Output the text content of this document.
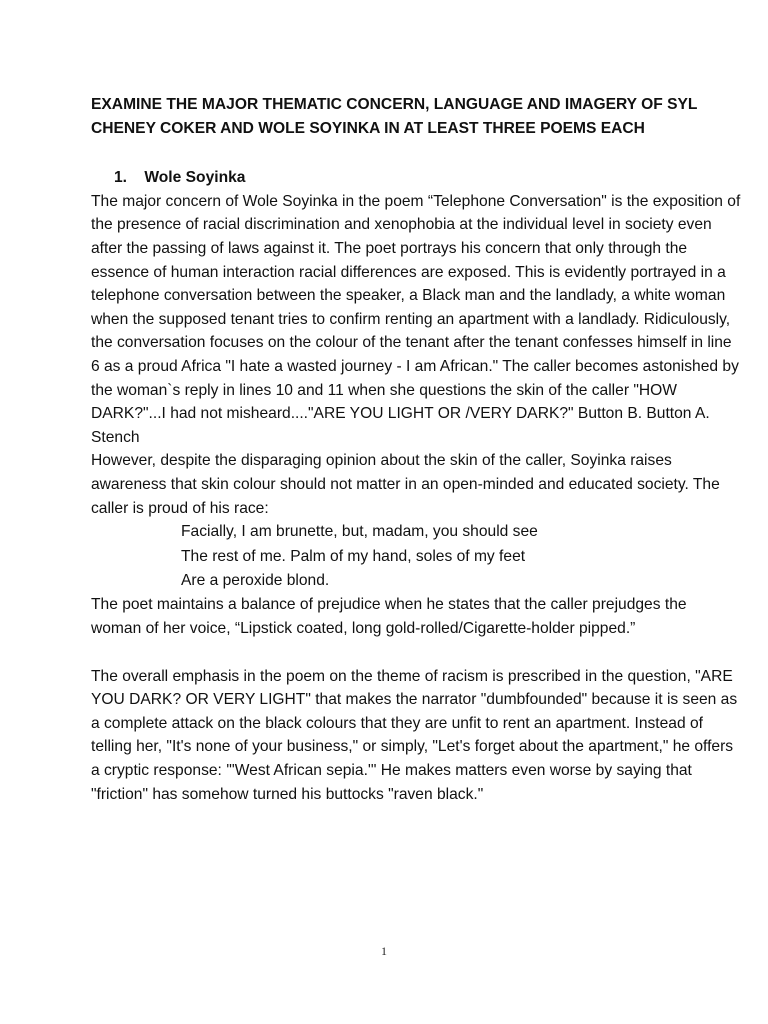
EXAMINE THE MAJOR THEMATIC CONCERN, LANGUAGE AND IMAGERY OF SYL CHENEY COKER AND WOLE SOYINKA IN AT LEAST THREE POEMS EACH

1. Wole Soyinka

The major concern of Wole Soyinka in the poem “Telephone Conversation" is the exposition of the presence of racial discrimination and xenophobia at the individual level in society even after the passing of laws against it. The poet portrays his concern that only through the essence of human interaction racial differences are exposed. This is evidently portrayed in a telephone conversation between the speaker, a Black man and the landlady, a white woman when the supposed tenant tries to confirm renting an apartment with a landlady. Ridiculously, the conversation focuses on the colour of the tenant after the tenant confesses himself in line 6 as a proud Africa "I hate a wasted journey - I am African." The caller becomes astonished by the woman`s reply in lines 10 and 11 when she questions the skin of the caller "HOW DARK?"...I had not misheard...."ARE YOU LIGHT OR /VERY DARK?" Button B. Button A. Stench

However, despite the disparaging opinion about the skin of the caller, Soyinka raises awareness that skin colour should not matter in an open-minded and educated society. The caller is proud of his race:

Facially, I am brunette, but, madam, you should see
The rest of me. Palm of my hand, soles of my feet
Are a peroxide blond.

The poet maintains a balance of prejudice when he states that the caller prejudges the woman of her voice, “Lipstick coated, long gold-rolled/Cigarette-holder pipped.”

The overall emphasis in the poem on the theme of racism is prescribed in the question, "ARE YOU DARK? OR VERY LIGHT" that makes the narrator "dumbfounded" because it is seen as a complete attack on the black colours that they are unfit to rent an apartment. Instead of telling her, "It's none of your business," or simply, "Let's forget about the apartment," he offers a cryptic response: '"West African sepia.'" He makes matters even worse by saying that "friction" has somehow turned his buttocks "raven black."

1
